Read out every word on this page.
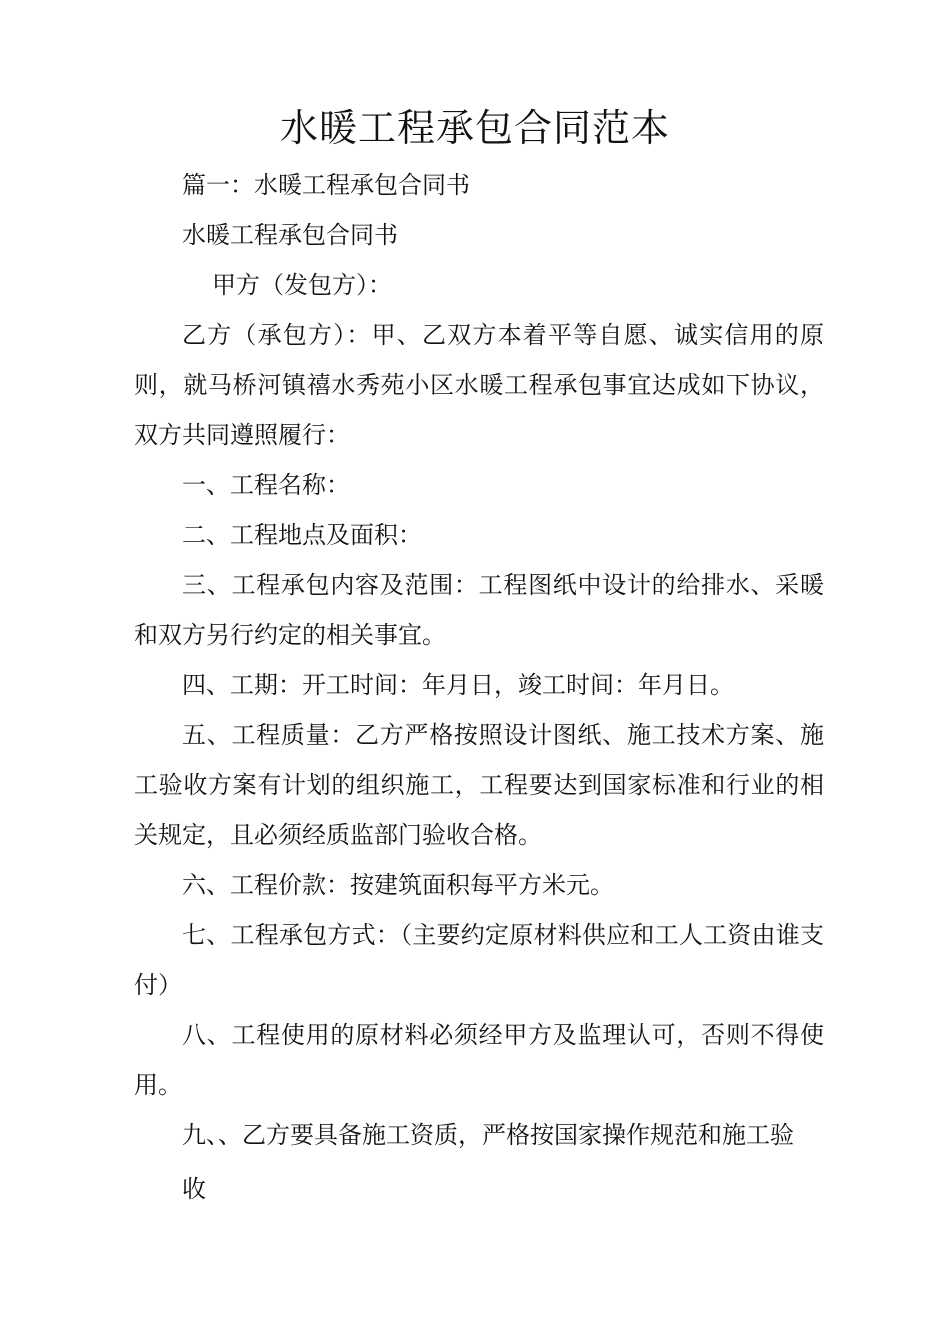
水暖工程承包合同范本

篇一：水暖工程承包合同书

水暖工程承包合同书

甲方（发包方）：

乙方（承包方）：甲、乙双方本着平等自愿、诚实信用的原则，就马桥河镇禧水秀苑小区水暖工程承包事宜达成如下协议，双方共同遵照履行：

一、工程名称：

二、工程地点及面积：

三、工程承包内容及范围：工程图纸中设计的给排水、采暖和双方另行约定的相关事宜。

四、工期：开工时间：年月日，竣工时间：年月日。

五、工程质量：乙方严格按照设计图纸、施工技术方案、施工验收方案有计划的组织施工，工程要达到国家标准和行业的相关规定，且必须经质监部门验收合格。

六、工程价款：按建筑面积每平方米元。

七、工程承包方式：（主要约定原材料供应和工人工资由谁支付）

八、工程使用的原材料必须经甲方及监理认可，否则不得使用。

九、、乙方要具备施工资质，严格按国家操作规范和施工验

收
